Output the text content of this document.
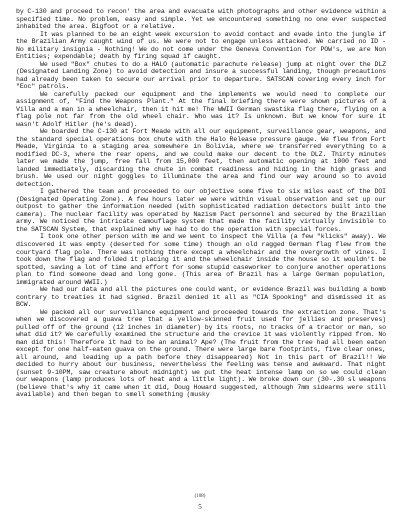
by C-130 and proceed to recon' the area and evacuate with photographs and other evidence within a specified time. No problem, easy and simple. Yet we encountered something no one ever suspected inhabited the area. Bigfoot or a relative.

It was planned to be an eight week excursion to avoid contact and evade into the jungle if the Brazilian Army caught wind of us. We were not to engage unless attacked. We carried no ID - No military insignia - Nothing! We do not come under the Geneva Convention for POW's, we are Non Entities; expendable; death by firing squad if caught.

We used "Box" chutes to do a HALO (automatic parachute release) jump at night over the DLZ (Designated Landing Zone) to avoid detection and insure a successful landing, though precautions had already been taken to secure our arrival prior to departure. SATSCAN covering every inch for "Eoc" patrols.

We carefully packed our equipment and the implements we would need to complete our assignment of, "Find the Weapons Plant." At the final briefing there were shown pictures of a Villa and a man in a wheelchair, then it hit me! The WWII German swastika flag there, flying on a flag pole not far from the old wheel chair. Who was it? Is unknown. But we know for sure it wasn't Adolf Hitler (he's dead).

We boarded the C-130 at Fort Meade with all our equipment, surveillance gear, weapons, and the standard special operations box chute with the Halo Release pressure gauge. We flew from Fort Meade, Virginia to a staging area somewhere in Bolivia, where we transferred everything to a modified DC-3, where the rear opens, and we could make our decent to the DLZ. Thirty minutes later we made the jump, free fall from 15,000 feet, then automatic opening at 1000 feet and landed immediately, discarding the chute in combat readiness and hiding in the high grass and brush. We used our night goggles to illuminate the area and find our way around so to avoid detection.

I gathered the team and proceeded to our objective some five to six miles east of the DOI (Designated Operating Zone). A few hours later we were within visual observation and set up our outpost to gather the information needed (with sophisticated radiation detectors built into the camera). The nuclear facility was operated by Nazism Pact personnel and secured by the Brazilian army. We noticed the intricate camouflage system that made the facility virtually invisible to the SATSCAN System, that explained why we had to do the operation with special forces.

I took one other person with me and we went to inspect the Villa (a few "klicks" away). We discovered it was empty (deserted for some time) though an old ragged German flag flew from the courtyard flag pole. There was nothing there except a wheelchair and the overgrowth of vines. I took down the flag and folded it placing it and the wheelchair inside the house so it wouldn't be spotted, saving a lot of time and effort for some stupid caseworker to conjure another operations plan to find someone dead and long gone. (This area of Brazil has a large German population, immigrated around WWII.)

We had our data and all the pictures one could want, or evidence Brazil was building a bomb contrary to treaties it had signed. Brazil denied it all as "CIA Spooking" and dismissed it as BCW.

We packed all our surveillance equipment and proceeded towards the extraction zone. That's when we discovered a guava tree that a yellow-skinned fruit used for jellies and preserves) pulled off of the ground (12 inches in diameter) by its roots, no tracks of a tractor or man, so what did it? We carefully examined the structure and the crevice it was violently ripped from. No man did this! Therefore it had to be an animal? Ape? (The fruit from the tree had all been eaten except for one half-eaten guava on the ground. There were large bare footprints, five clear ones, all around, and leading up a path before they disappeared) Not in this part of Brazil!! We decided to hurry about our business, nevertheless the feeling was tense and awkward. That night (sunset 9-10PM, saw creature about midnight) we put the heat intense lamp on so we could clean our weapons (lamp produces lots of heat and a little light). We broke down our (30-.30 sl weapons (believe that's why it came when it did, Doug Howard suggested, although 7mm sidearms were still available) and then began to smell something (musky

(108)
5
